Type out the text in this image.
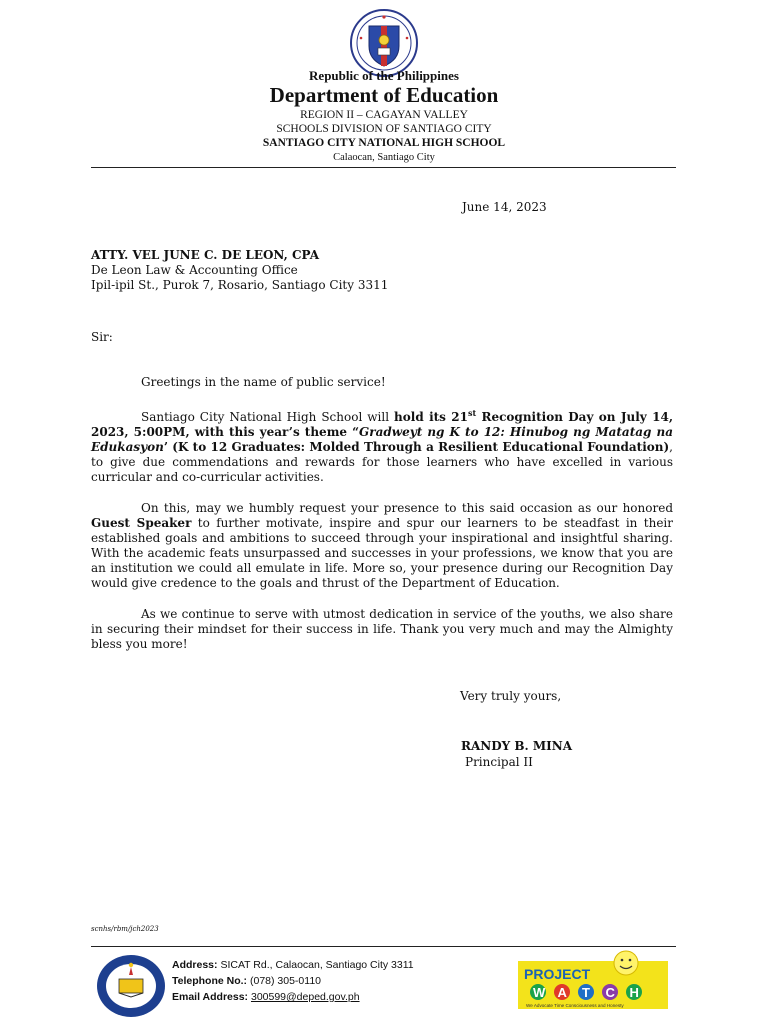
Republic of the Philippines
Department of Education
REGION II – CAGAYAN VALLEY
SCHOOLS DIVISION OF SANTIAGO CITY
SANTIAGO CITY NATIONAL HIGH SCHOOL
Calaocan, Santiago City
June 14, 2023
ATTY. VEL JUNE C. DE LEON, CPA
De Leon Law & Accounting Office
Ipil-ipil St., Purok 7, Rosario, Santiago City 3311
Sir:

Greetings in the name of public service!

Santiago City National High School will hold its 21st Recognition Day on July 14, 2023, 5:00PM, with this year’s theme “Gradweyt ng K to 12: Hinubog ng Matatag na Edukasyon’ (K to 12 Graduates: Molded Through a Resilient Educational Foundation), to give due commendations and rewards for those learners who have excelled in various curricular and co-curricular activities.

On this, may we humbly request your presence to this said occasion as our honored Guest Speaker to further motivate, inspire and spur our learners to be steadfast in their established goals and ambitions to succeed through your inspirational and insightful sharing. With the academic feats unsurpassed and successes in your professions, we know that you are an institution we could all emulate in life. More so, your presence during our Recognition Day would give credence to the goals and thrust of the Department of Education.

As we continue to serve with utmost dedication in service of the youths, we also share in securing their mindset for their success in life. Thank you very much and may the Almighty bless you more!

Very truly yours,
RANDY B. MINA
Principal II
scnhs/rbm/jch2023
Address: SICAT Rd., Calaocan, Santiago City 3311
Telephone No.: (078) 305-0110
Email Address: 300599@deped.gov.ph
PROJECT
W A T C H
We Advocate Time Consciousness and Honesty
